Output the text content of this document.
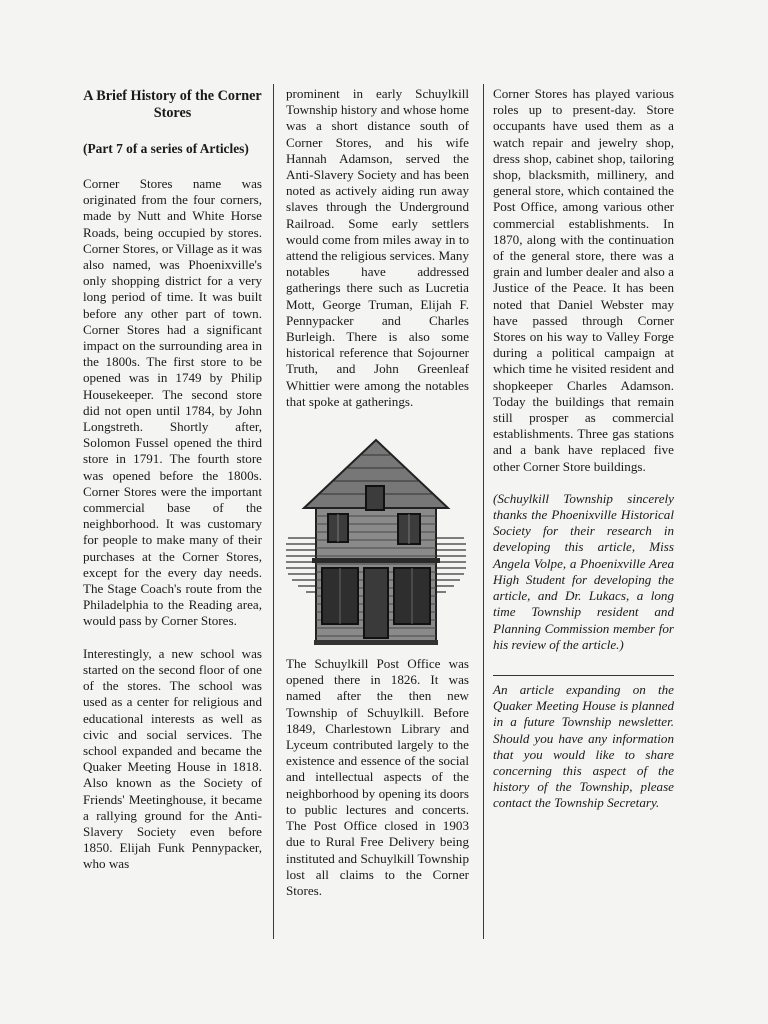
A Brief History of the Corner Stores
(Part 7 of a series of Articles)

Corner Stores name was originated from the four corners, made by Nutt and White Horse Roads, being occupied by stores. Corner Stores, or Village as it was also named, was Phoenixville's only shopping district for a very long period of time. It was built before any other part of town. Corner Stores had a significant impact on the surrounding area in the 1800s. The first store to be opened was in 1749 by Philip Housekeeper. The second store did not open until 1784, by John Longstreth. Shortly after, Solomon Fussel opened the third store in 1791. The fourth store was opened before the 1800s. Corner Stores were the important commercial base of the neighborhood. It was customary for people to make many of their purchases at the Corner Stores, except for the every day needs. The Stage Coach's route from the Philadelphia to the Reading area, would pass by Corner Stores.

Interestingly, a new school was started on the second floor of one of the stores. The school was used as a center for religious and educational interests as well as civic and social services. The school expanded and became the Quaker Meeting House in 1818. Also known as the Society of Friends' Meetinghouse, it became a rallying ground for the Anti-Slavery Society even before 1850. Elijah Funk Pennypacker, who was

prominent in early Schuylkill Township history and whose home was a short distance south of Corner Stores, and his wife Hannah Adamson, served the Anti-Slavery Society and has been noted as actively aiding run away slaves through the Underground Railroad. Some early settlers would come from miles away in to attend the religious services. Many notables have addressed gatherings there such as Lucretia Mott, George Truman, Elijah F. Pennypacker and Charles Burleigh. There is also some historical reference that Sojourner Truth, and John Greenleaf Whittier were among the notables that spoke at gatherings.

The Schuylkill Post Office was opened there in 1826. It was named after the then new Township of Schuylkill. Before 1849, Charlestown Library and Lyceum contributed largely to the existence and essence of the social and intellectual aspects of the neighborhood by opening its doors to public lectures and concerts. The Post Office closed in 1903 due to Rural Free Delivery being instituted and Schuylkill Township lost all claims to the Corner Stores.

Corner Stores has played various roles up to present-day. Store occupants have used them as a watch repair and jewelry shop, dress shop, cabinet shop, tailoring shop, blacksmith, millinery, and general store, which contained the Post Office, among various other commercial establishments. In 1870, along with the continuation of the general store, there was a grain and lumber dealer and also a Justice of the Peace. It has been noted that Daniel Webster may have passed through Corner Stores on his way to Valley Forge during a political campaign at which time he visited resident and shopkeeper Charles Adamson. Today the buildings that remain still prosper as commercial establishments. Three gas stations and a bank have replaced five other Corner Store buildings.

(Schuylkill Township sincerely thanks the Phoenixville Historical Society for their research in developing this article, Miss Angela Volpe, a Phoenixville Area High Student for developing the article, and Dr. Lukacs, a long time Township resident and Planning Commission member for his review of the article.)

An article expanding on the Quaker Meeting House is planned in a future Township newsletter. Should you have any information that you would like to share concerning this aspect of the history of the Township, please contact the Township Secretary.
